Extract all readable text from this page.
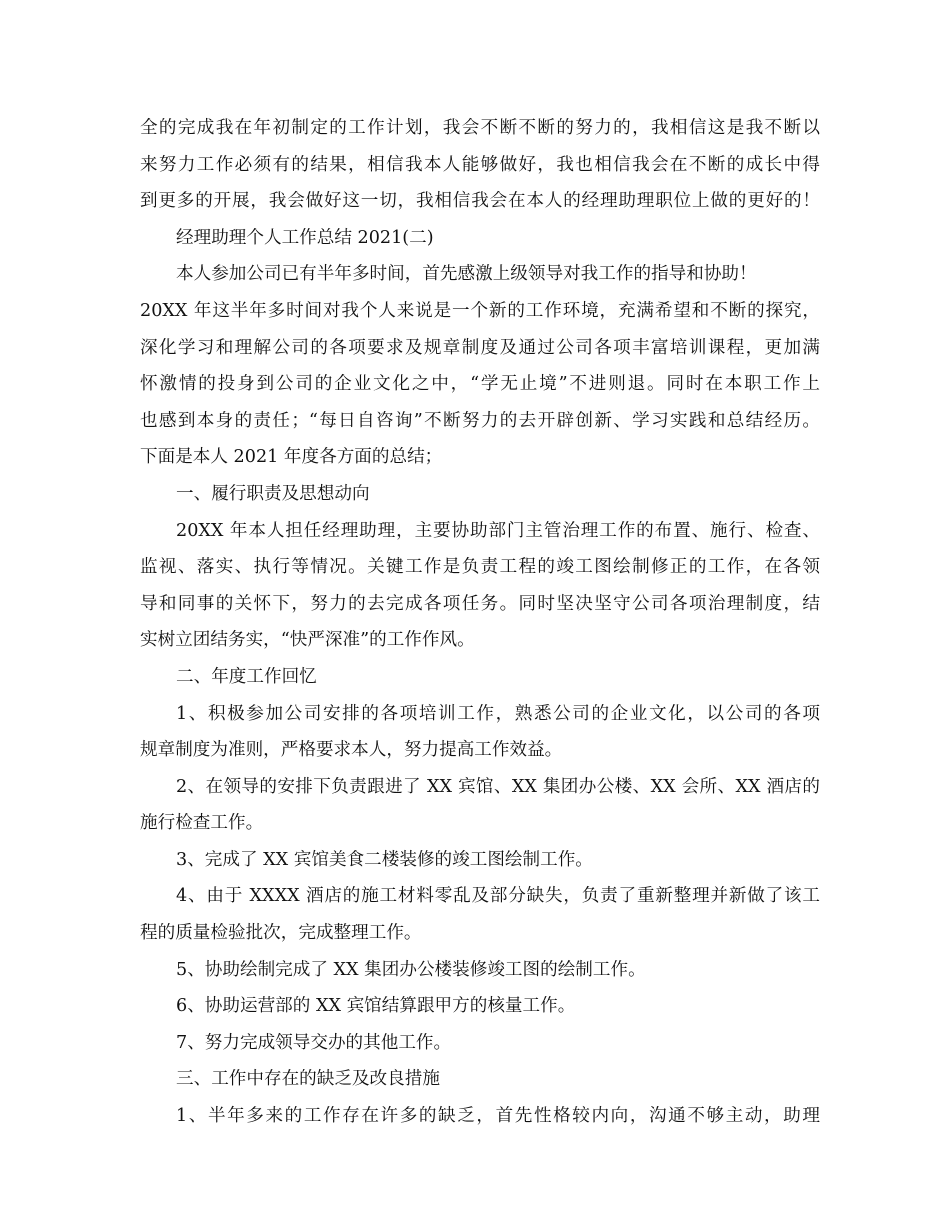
全的完成我在年初制定的工作计划，我会不断不断的努力的，我相信这是我不断以
来努力工作必须有的结果，相信我本人能够做好，我也相信我会在不断的成长中得
到更多的开展，我会做好这一切，我相信我会在本人的经理助理职位上做的更好的！
经理助理个人工作总结 2021(二)
本人参加公司已有半年多时间，首先感激上级领导对我工作的指导和协助！
20XX 年这半年多时间对我个人来说是一个新的工作环境，充满希望和不断的探究，
深化学习和理解公司的各项要求及规章制度及通过公司各项丰富培训课程，更加满
怀激情的投身到公司的企业文化之中，“学无止境”不进则退。同时在本职工作上
也感到本身的责任；“每日自咨询”不断努力的去开辟创新、学习实践和总结经历。
下面是本人 2021 年度各方面的总结；
一、履行职责及思想动向
20XX 年本人担任经理助理，主要协助部门主管治理工作的布置、施行、检查、
监视、落实、执行等情况。关键工作是负责工程的竣工图绘制修正的工作，在各领
导和同事的关怀下，努力的去完成各项任务。同时坚决坚守公司各项治理制度，结
实树立团结务实，“快严深准”的工作作风。
二、年度工作回忆
1、积极参加公司安排的各项培训工作，熟悉公司的企业文化，以公司的各项
规章制度为准则，严格要求本人，努力提高工作效益。
2、在领导的安排下负责跟进了 XX 宾馆、XX 集团办公楼、XX 会所、XX 酒店的
施行检查工作。
3、完成了 XX 宾馆美食二楼装修的竣工图绘制工作。
4、由于 XXXX 酒店的施工材料零乱及部分缺失，负责了重新整理并新做了该工
程的质量检验批次，完成整理工作。
5、协助绘制完成了 XX 集团办公楼装修竣工图的绘制工作。
6、协助运营部的 XX 宾馆结算跟甲方的核量工作。
7、努力完成领导交办的其他工作。
三、工作中存在的缺乏及改良措施
1、半年多来的工作存在许多的缺乏，首先性格较内向，沟通不够主动，助理
